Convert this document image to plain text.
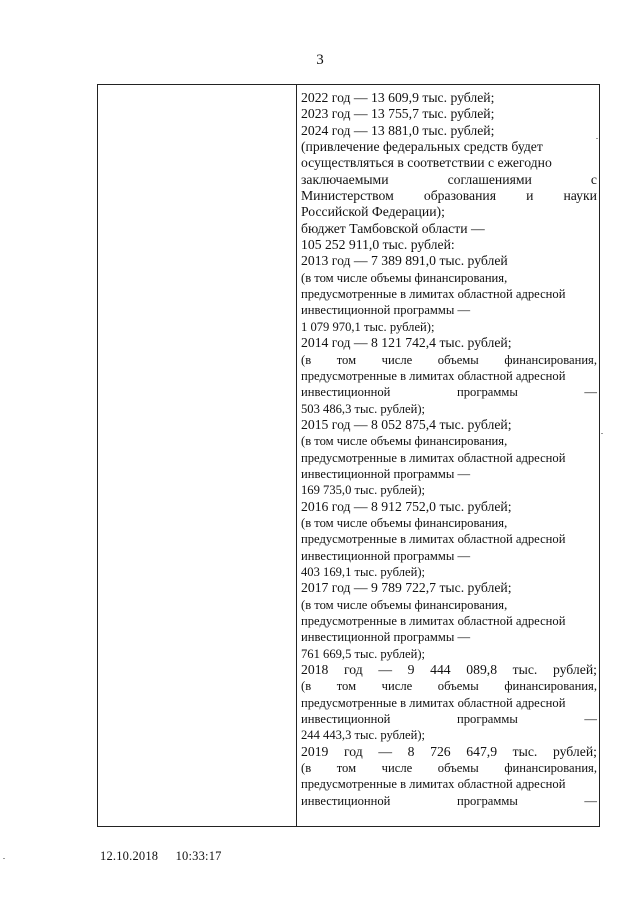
3
2022 год — 13 609,9 тыс. рублей;
2023 год — 13 755,7 тыс. рублей;
2024 год — 13 881,0 тыс. рублей;
(привлечение федеральных средств будет
осуществляться в соответствии с ежегодно
заключаемыми	соглашениями	с
Министерством образования и науки
Российской Федерации);
бюджет Тамбовской области —
105 252 911,0 тыс. рублей:
2013 год — 7 389 891,0 тыс. рублей
(в том числе объемы финансирования,
предусмотренные в лимитах областной адресной
инвестиционной программы —
1 079 970,1 тыс. рублей);
2014 год — 8 121 742,4 тыс. рублей;
(в том числе объемы финансирования,
предусмотренные в лимитах областной адресной
инвестиционной	программы	—
503 486,3 тыс. рублей);
2015 год — 8 052 875,4 тыс. рублей;
(в том числе объемы финансирования,
предусмотренные в лимитах областной адресной
инвестиционной программы —
169 735,0 тыс. рублей);
2016 год — 8 912 752,0 тыс. рублей;
(в том числе объемы финансирования,
предусмотренные в лимитах областной адресной
инвестиционной программы —
403 169,1 тыс. рублей);
2017 год — 9 789 722,7 тыс. рублей;
(в том числе объемы финансирования,
предусмотренные в лимитах областной адресной
инвестиционной программы —
761 669,5 тыс. рублей);
2018 год — 9 444 089,8 тыс. рублей;
(в том числе объемы финансирования,
предусмотренные в лимитах областной адресной
инвестиционной	программы	—
244 443,3 тыс. рублей);
2019 год — 8 726 647,9 тыс. рублей;
(в том числе объемы финансирования,
предусмотренные в лимитах областной адресной
инвестиционной	программы	—
12.10.2018 10:33:17
